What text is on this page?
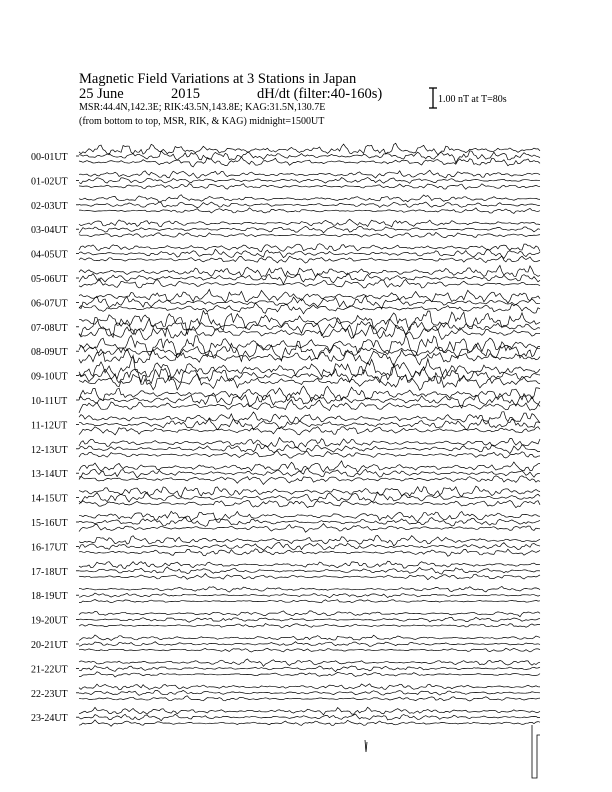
Magnetic Field Variations at 3 Stations in Japan
25 June	2015	dH/dt (filter:40-160s)
MSR:44.4N,142.3E; RIK:43.5N,143.8E; KAG:31.5N,130.7E
(from bottom to top, MSR, RIK, & KAG) midnight=1500UT
1.00 nT at T=80s
00-01UT
01-02UT
02-03UT
03-04UT
04-05UT
05-06UT
06-07UT
07-08UT
08-09UT
09-10UT
10-11UT
11-12UT
12-13UT
13-14UT
14-15UT
15-16UT
16-17UT
17-18UT
18-19UT
19-20UT
20-21UT
21-22UT
22-23UT
23-24UT
